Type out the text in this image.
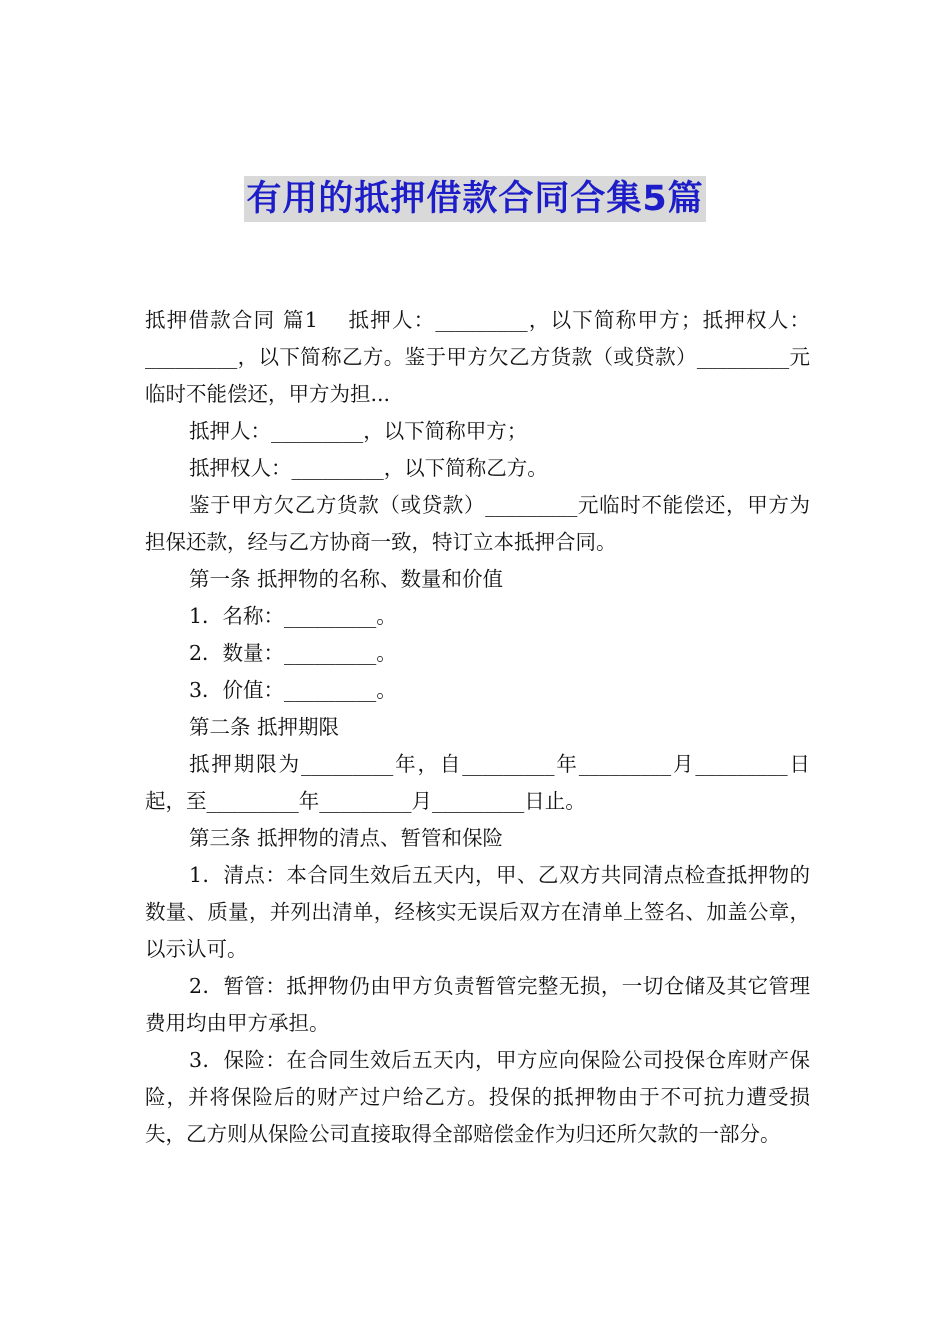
有用的抵押借款合同合集5篇

抵押借款合同 篇1　 抵押人：_________，以下简称甲方；抵押权人：_________，以下简称乙方。鉴于甲方欠乙方货款（或贷款）_________元临时不能偿还，甲方为担...

抵押人：_________，以下简称甲方；

抵押权人：_________，以下简称乙方。

鉴于甲方欠乙方货款（或贷款）_________元临时不能偿还，甲方为担保还款，经与乙方协商一致，特订立本抵押合同。

第一条 抵押物的名称、数量和价值

1．名称：_________。

2．数量：_________。

3．价值：_________。

第二条 抵押期限

抵押期限为_________年，自_________年_________月_________日起，至_________年_________月_________日止。

第三条 抵押物的清点、暂管和保险

1．清点：本合同生效后五天内，甲、乙双方共同清点检查抵押物的数量、质量，并列出清单，经核实无误后双方在清单上签名、加盖公章，以示认可。

2．暂管：抵押物仍由甲方负责暂管完整无损，一切仓储及其它管理费用均由甲方承担。

3．保险：在合同生效后五天内，甲方应向保险公司投保仓库财产保险，并将保险后的财产过户给乙方。投保的抵押物由于不可抗力遭受损失，乙方则从保险公司直接取得全部赔偿金作为归还所欠款的一部分。
